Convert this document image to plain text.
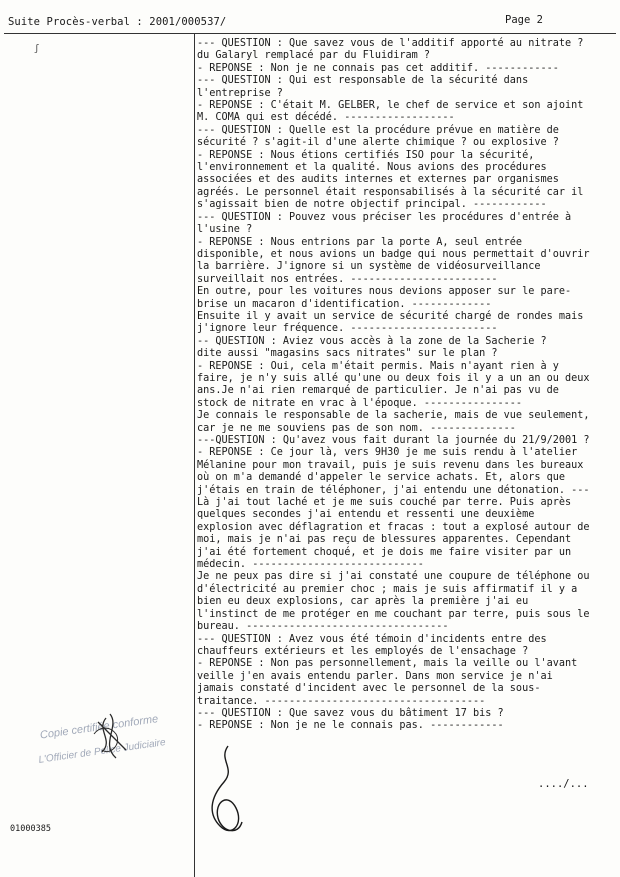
Suite Procès-verbal : 2001/000537/	Page 2
ʃ	--- QUESTION : Que savez vous de l'additif apporté au nitrate ?
du Galaryl remplacé par du Fluidiram ?
- REPONSE : Non je ne connais pas cet additif. ------------
--- QUESTION : Qui est responsable de la sécurité dans
l'entreprise ?
- REPONSE : C'était M. GELBER, le chef de service et son ajoint
M. COMA qui est décédé. ------------------
--- QUESTION : Quelle est la procédure prévue en matière de
sécurité ? s'agit-il d'une alerte chimique ? ou explosive ?
- REPONSE : Nous étions certifiés ISO pour la sécurité,
l'environnement et la qualité. Nous avions des procédures
associées et des audits internes et externes par organismes
agréés. Le personnel était responsabilisés à la sécurité car il
s'agissait bien de notre objectif principal. ------------
--- QUESTION : Pouvez vous préciser les procédures d'entrée à
l'usine ?
- REPONSE : Nous entrions par la porte A, seul entrée
disponible, et nous avions un badge qui nous permettait d'ouvrir
la barrière. J'ignore si un système de vidéosurveillance
surveillait nos entrées. ------------------------
En outre, pour les voitures nous devions apposer sur le pare-
brise un macaron d'identification. -------------
Ensuite il y avait un service de sécurité chargé de rondes mais
j'ignore leur fréquence. ------------------------
-- QUESTION : Aviez vous accès à la zone de la Sacherie ?
dite aussi "magasins sacs nitrates" sur le plan ?
- REPONSE : Oui, cela m'était permis. Mais n'ayant rien à y
faire, je n'y suis allé qu'une ou deux fois il y a un an ou deux
ans.Je n'ai rien remarqué de particulier. Je n'ai pas vu de
stock de nitrate en vrac à l'époque. ----------------
Je connais le responsable de la sacherie, mais de vue seulement,
car je ne me souviens pas de son nom. --------------
---QUESTION : Qu'avez vous fait durant la journée du 21/9/2001 ?
- REPONSE : Ce jour là, vers 9H30 je me suis rendu à l'atelier
Mélanine pour mon travail, puis je suis revenu dans les bureaux
où on m'a demandé d'appeler le service achats. Et, alors que
j'étais en train de téléphoner, j'ai entendu une détonation. ---
Là j'ai tout laché et je me suis couché par terre. Puis après
quelques secondes j'ai entendu et ressenti une deuxième
explosion avec déflagration et fracas : tout a explosé autour de
moi, mais je n'ai pas reçu de blessures apparentes. Cependant
j'ai été fortement choqué, et je dois me faire visiter par un
médecin. ----------------------------
Je ne peux pas dire si j'ai constaté une coupure de téléphone ou
d'électricité au premier choc ; mais je suis affirmatif il y a
bien eu deux explosions, car après la première j'ai eu
l'instinct de me protéger en me couchant par terre, puis sous le
bureau. ---------------------------------
--- QUESTION : Avez vous été témoin d'incidents entre des
chauffeurs extérieurs et les employés de l'ensachage ?
- REPONSE : Non pas personnellement, mais la veille ou l'avant
veille j'en avais entendu parler. Dans mon service je n'ai
jamais constaté d'incident avec le personnel de la sous-
traitance. ------------------------------------
--- QUESTION : Que savez vous du bâtiment 17 bis ?
- REPONSE : Non je ne le connais pas. ------------
Copie certifiée conforme
L'Officier de Police Judiciaire
..../...
01000385
